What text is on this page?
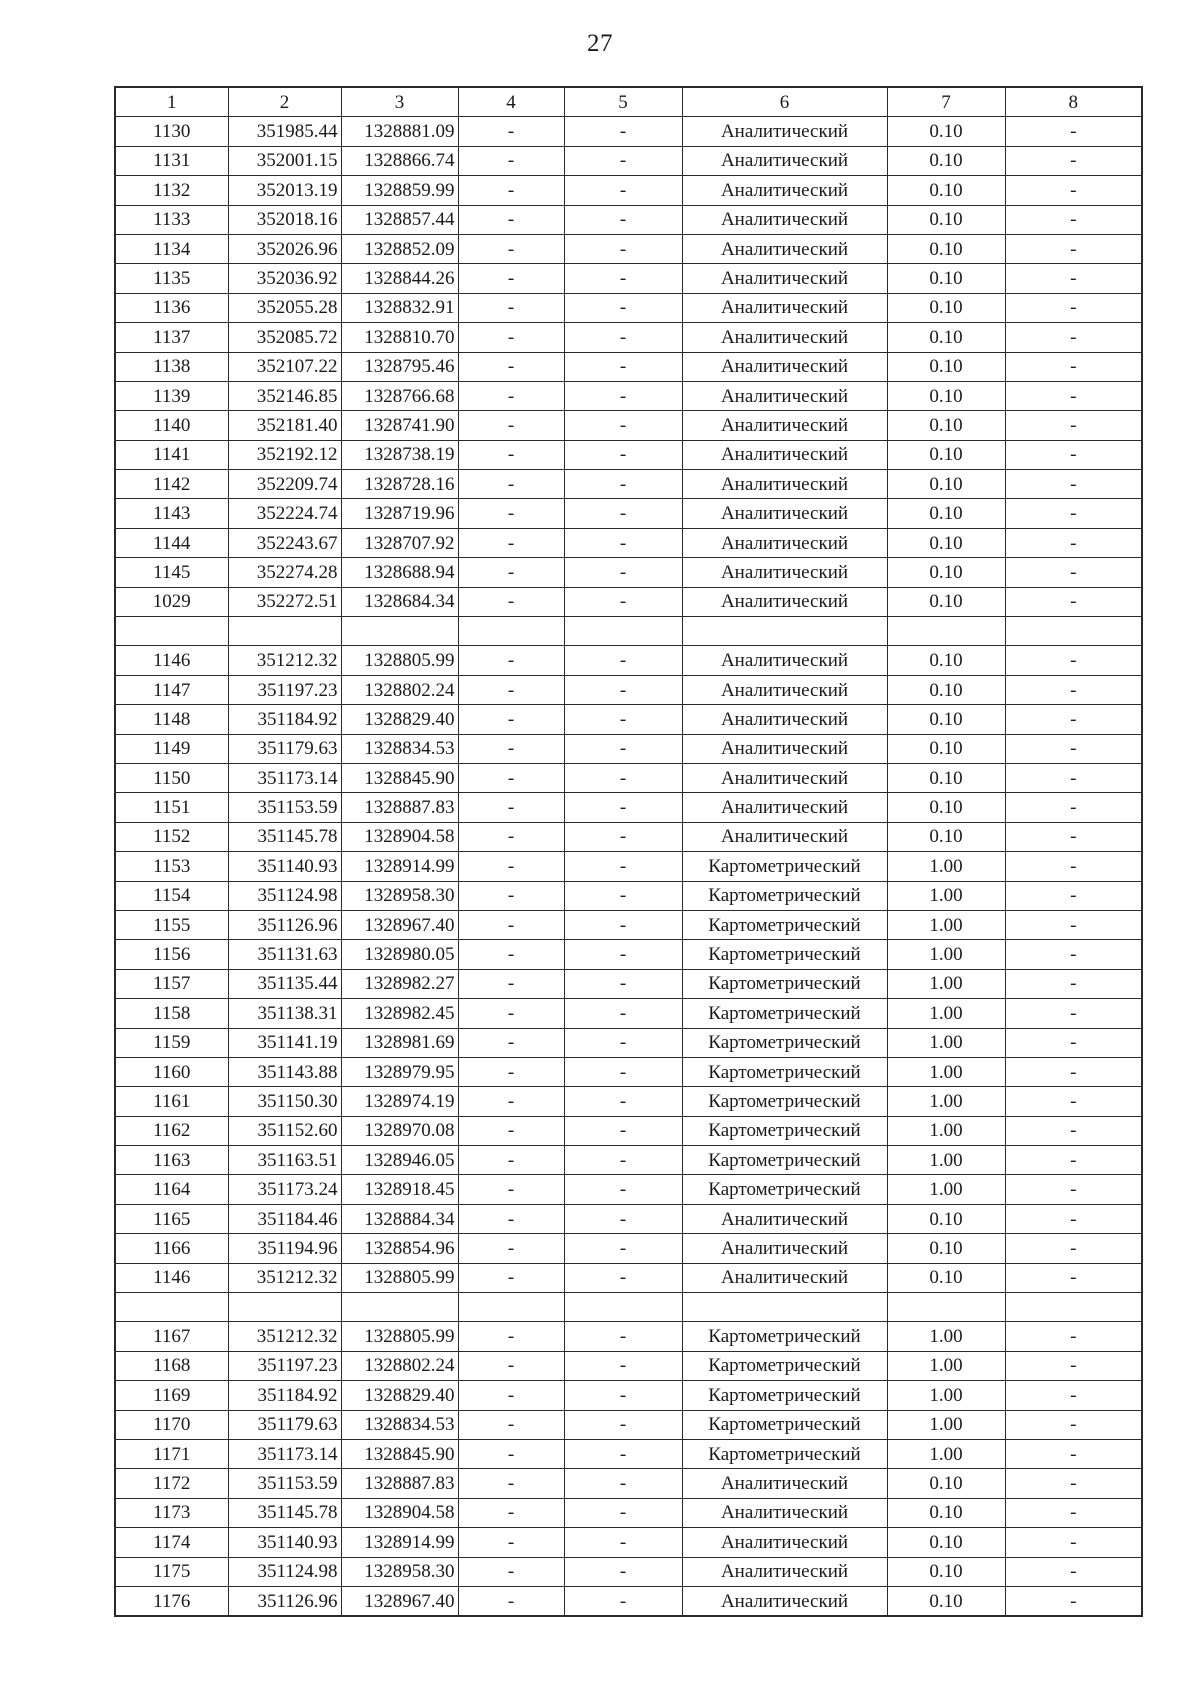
27
1	2	3	4	5	6	7	8
1130	351985.44	1328881.09	-	-	Аналитический	0.10	-
1131	352001.15	1328866.74	-	-	Аналитический	0.10	-
1132	352013.19	1328859.99	-	-	Аналитический	0.10	-
1133	352018.16	1328857.44	-	-	Аналитический	0.10	-
1134	352026.96	1328852.09	-	-	Аналитический	0.10	-
1135	352036.92	1328844.26	-	-	Аналитический	0.10	-
1136	352055.28	1328832.91	-	-	Аналитический	0.10	-
1137	352085.72	1328810.70	-	-	Аналитический	0.10	-
1138	352107.22	1328795.46	-	-	Аналитический	0.10	-
1139	352146.85	1328766.68	-	-	Аналитический	0.10	-
1140	352181.40	1328741.90	-	-	Аналитический	0.10	-
1141	352192.12	1328738.19	-	-	Аналитический	0.10	-
1142	352209.74	1328728.16	-	-	Аналитический	0.10	-
1143	352224.74	1328719.96	-	-	Аналитический	0.10	-
1144	352243.67	1328707.92	-	-	Аналитический	0.10	-
1145	352274.28	1328688.94	-	-	Аналитический	0.10	-
1029	352272.51	1328684.34	-	-	Аналитический	0.10	-

1146	351212.32	1328805.99	-	-	Аналитический	0.10	-
1147	351197.23	1328802.24	-	-	Аналитический	0.10	-
1148	351184.92	1328829.40	-	-	Аналитический	0.10	-
1149	351179.63	1328834.53	-	-	Аналитический	0.10	-
1150	351173.14	1328845.90	-	-	Аналитический	0.10	-
1151	351153.59	1328887.83	-	-	Аналитический	0.10	-
1152	351145.78	1328904.58	-	-	Аналитический	0.10	-
1153	351140.93	1328914.99	-	-	Картометрический	1.00	-
1154	351124.98	1328958.30	-	-	Картометрический	1.00	-
1155	351126.96	1328967.40	-	-	Картометрический	1.00	-
1156	351131.63	1328980.05	-	-	Картометрический	1.00	-
1157	351135.44	1328982.27	-	-	Картометрический	1.00	-
1158	351138.31	1328982.45	-	-	Картометрический	1.00	-
1159	351141.19	1328981.69	-	-	Картометрический	1.00	-
1160	351143.88	1328979.95	-	-	Картометрический	1.00	-
1161	351150.30	1328974.19	-	-	Картометрический	1.00	-
1162	351152.60	1328970.08	-	-	Картометрический	1.00	-
1163	351163.51	1328946.05	-	-	Картометрический	1.00	-
1164	351173.24	1328918.45	-	-	Картометрический	1.00	-
1165	351184.46	1328884.34	-	-	Аналитический	0.10	-
1166	351194.96	1328854.96	-	-	Аналитический	0.10	-
1146	351212.32	1328805.99	-	-	Аналитический	0.10	-

1167	351212.32	1328805.99	-	-	Картометрический	1.00	-
1168	351197.23	1328802.24	-	-	Картометрический	1.00	-
1169	351184.92	1328829.40	-	-	Картометрический	1.00	-
1170	351179.63	1328834.53	-	-	Картометрический	1.00	-
1171	351173.14	1328845.90	-	-	Картометрический	1.00	-
1172	351153.59	1328887.83	-	-	Аналитический	0.10	-
1173	351145.78	1328904.58	-	-	Аналитический	0.10	-
1174	351140.93	1328914.99	-	-	Аналитический	0.10	-
1175	351124.98	1328958.30	-	-	Аналитический	0.10	-
1176	351126.96	1328967.40	-	-	Аналитический	0.10	-
